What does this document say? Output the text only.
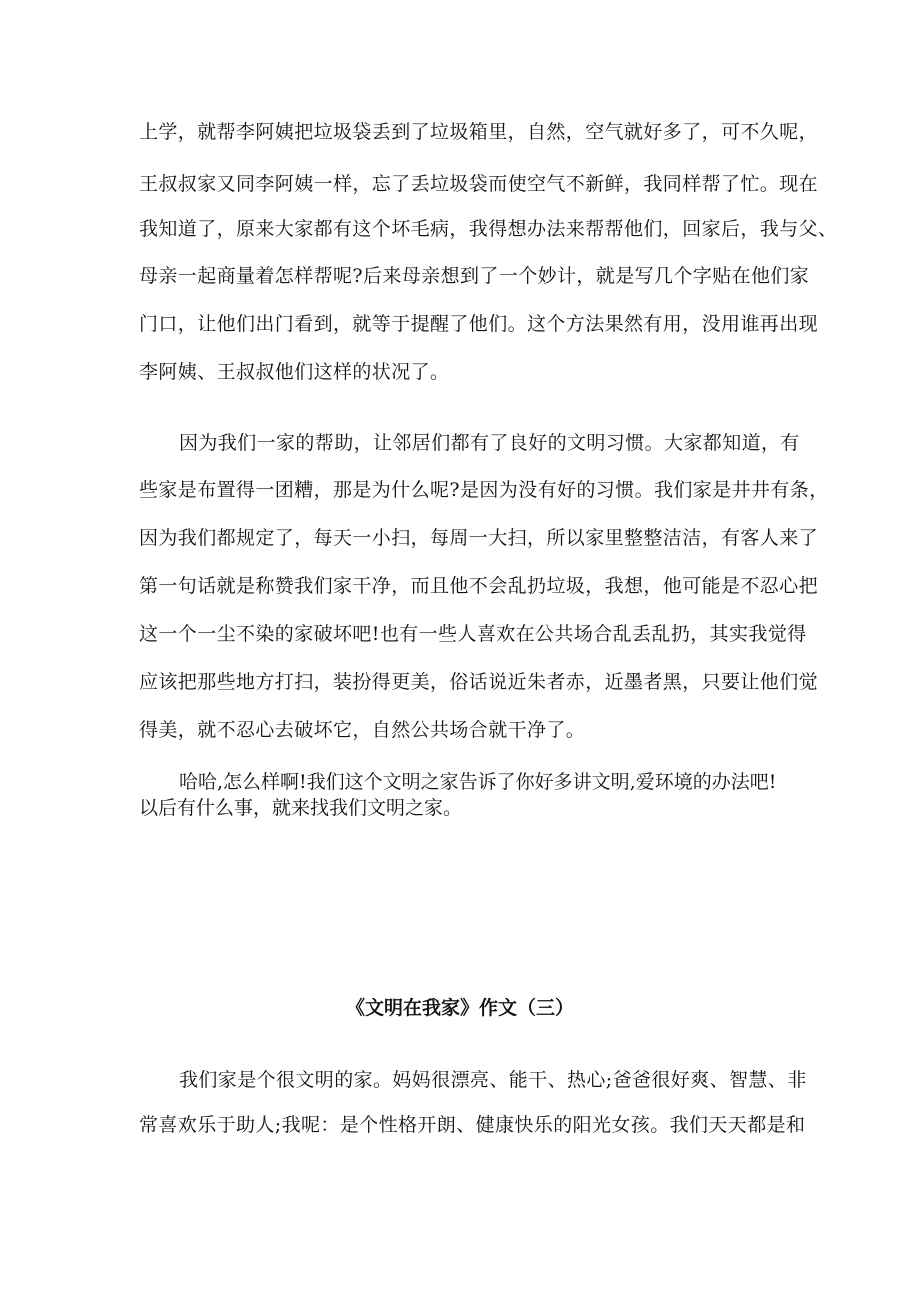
上学，就帮李阿姨把垃圾袋丢到了垃圾箱里，自然，空气就好多了，可不久呢，
王叔叔家又同李阿姨一样，忘了丢垃圾袋而使空气不新鲜，我同样帮了忙。现在
我知道了，原来大家都有这个坏毛病，我得想办法来帮帮他们，回家后，我与父、
母亲一起商量着怎样帮呢?后来母亲想到了一个妙计，就是写几个字贴在他们家
门口，让他们出门看到，就等于提醒了他们。这个方法果然有用，没用谁再出现
李阿姨、王叔叔他们这样的状况了。
因为我们一家的帮助，让邻居们都有了良好的文明习惯。大家都知道，有
些家是布置得一团糟，那是为什么呢?是因为没有好的习惯。我们家是井井有条，
因为我们都规定了，每天一小扫，每周一大扫，所以家里整整洁洁，有客人来了
第一句话就是称赞我们家干净，而且他不会乱扔垃圾，我想，他可能是不忍心把
这一个一尘不染的家破坏吧!也有一些人喜欢在公共场合乱丢乱扔，其实我觉得
应该把那些地方打扫，装扮得更美，俗话说近朱者赤，近墨者黑，只要让他们觉
得美，就不忍心去破坏它，自然公共场合就干净了。
哈哈,怎么样啊!我们这个文明之家告诉了你好多讲文明,爱环境的办法吧!
以后有什么事，就来找我们文明之家。
《文明在我家》作文（三）
我们家是个很文明的家。妈妈很漂亮、能干、热心;爸爸很好爽、智慧、非
常喜欢乐于助人;我呢：是个性格开朗、健康快乐的阳光女孩。我们天天都是和
